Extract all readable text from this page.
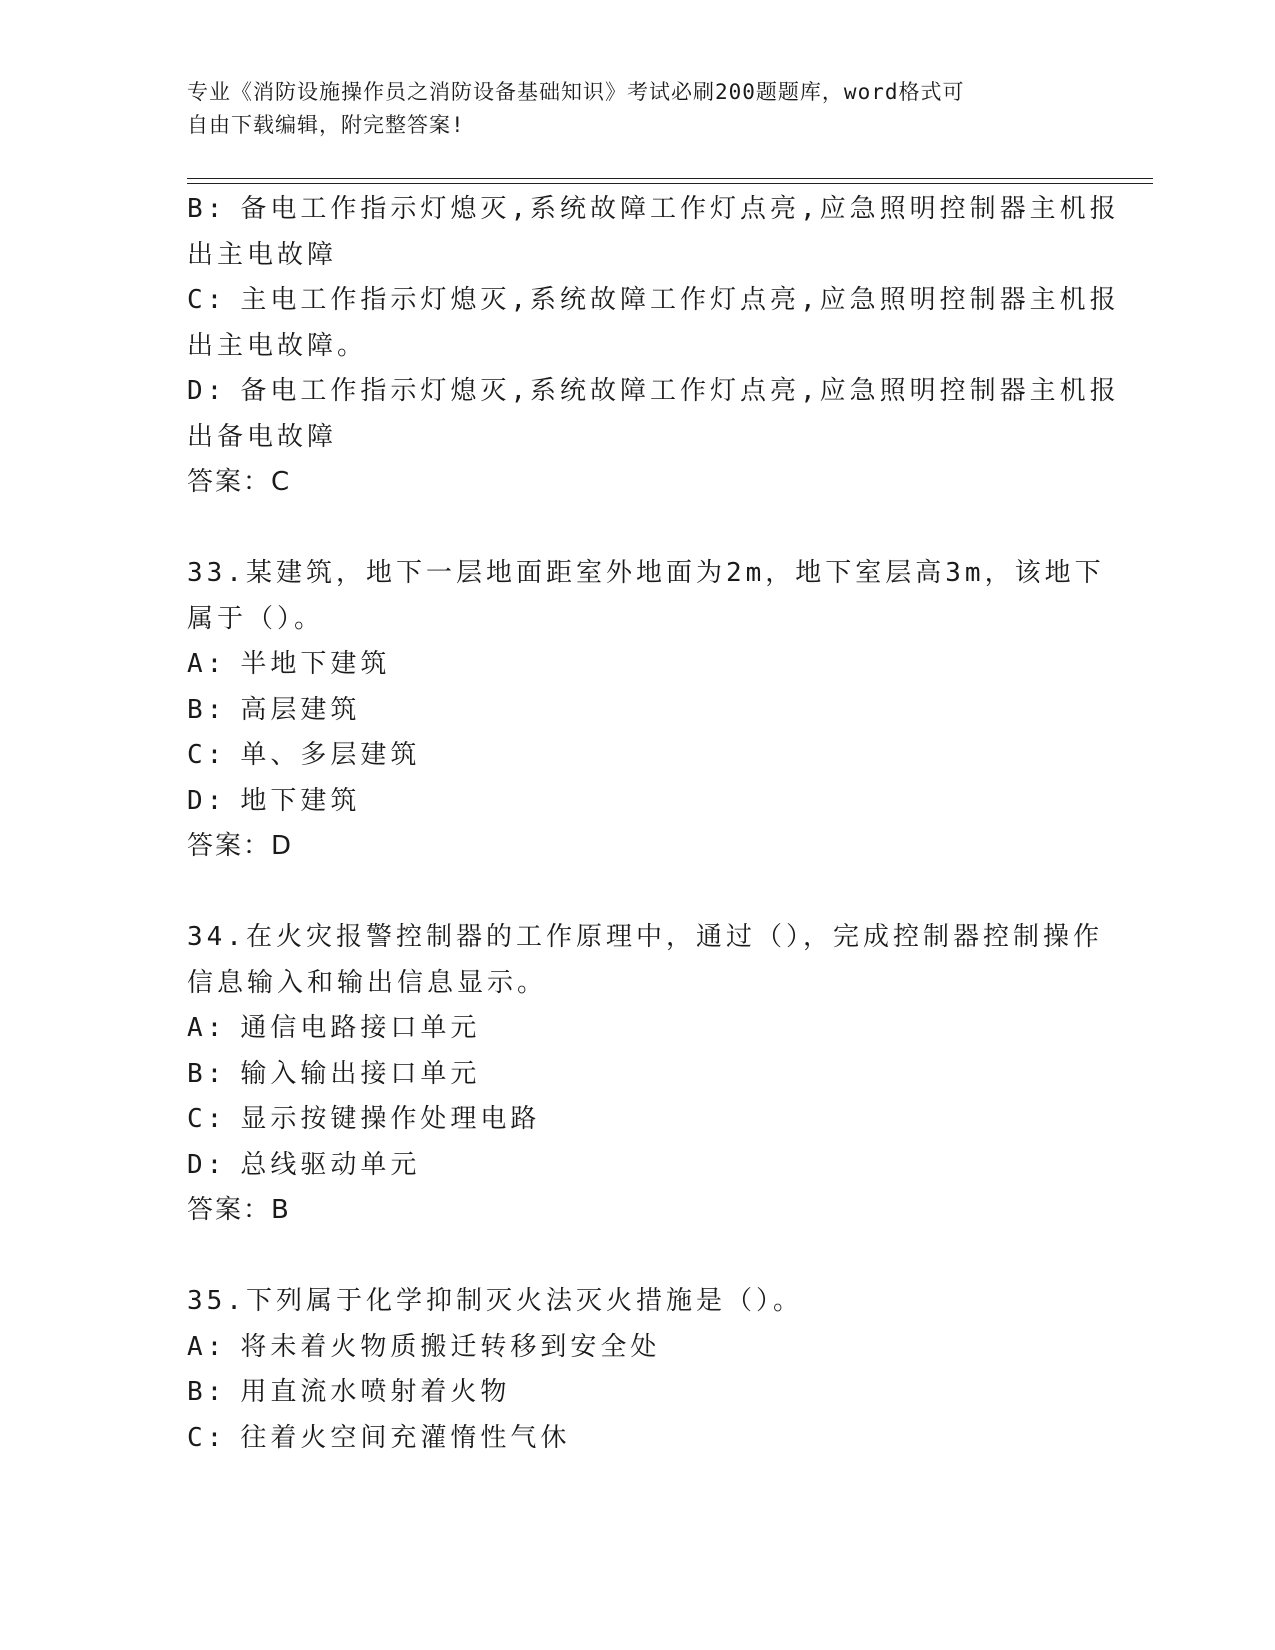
专业《消防设施操作员之消防设备基础知识》考试必刷200题题库，word格式可
自由下载编辑，附完整答案!
B: 备电工作指示灯熄灭,系统故障工作灯点亮,应急照明控制器主机报
出主电故障
C: 主电工作指示灯熄灭,系统故障工作灯点亮,应急照明控制器主机报
出主电故障。
D: 备电工作指示灯熄灭,系统故障工作灯点亮,应急照明控制器主机报
出备电故障
答案：C
33.某建筑，地下一层地面距室外地面为2m，地下室层高3m，该地下
属于（）。
A: 半地下建筑
B: 高层建筑
C: 单、多层建筑
D: 地下建筑
答案：D
34.在火灾报警控制器的工作原理中，通过（），完成控制器控制操作
信息输入和输出信息显示。
A: 通信电路接口单元
B: 输入输出接口单元
C: 显示按键操作处理电路
D: 总线驱动单元
答案：B
35.下列属于化学抑制灭火法灭火措施是（）。
A: 将未着火物质搬迁转移到安全处
B: 用直流水喷射着火物
C: 往着火空间充灌惰性气休
